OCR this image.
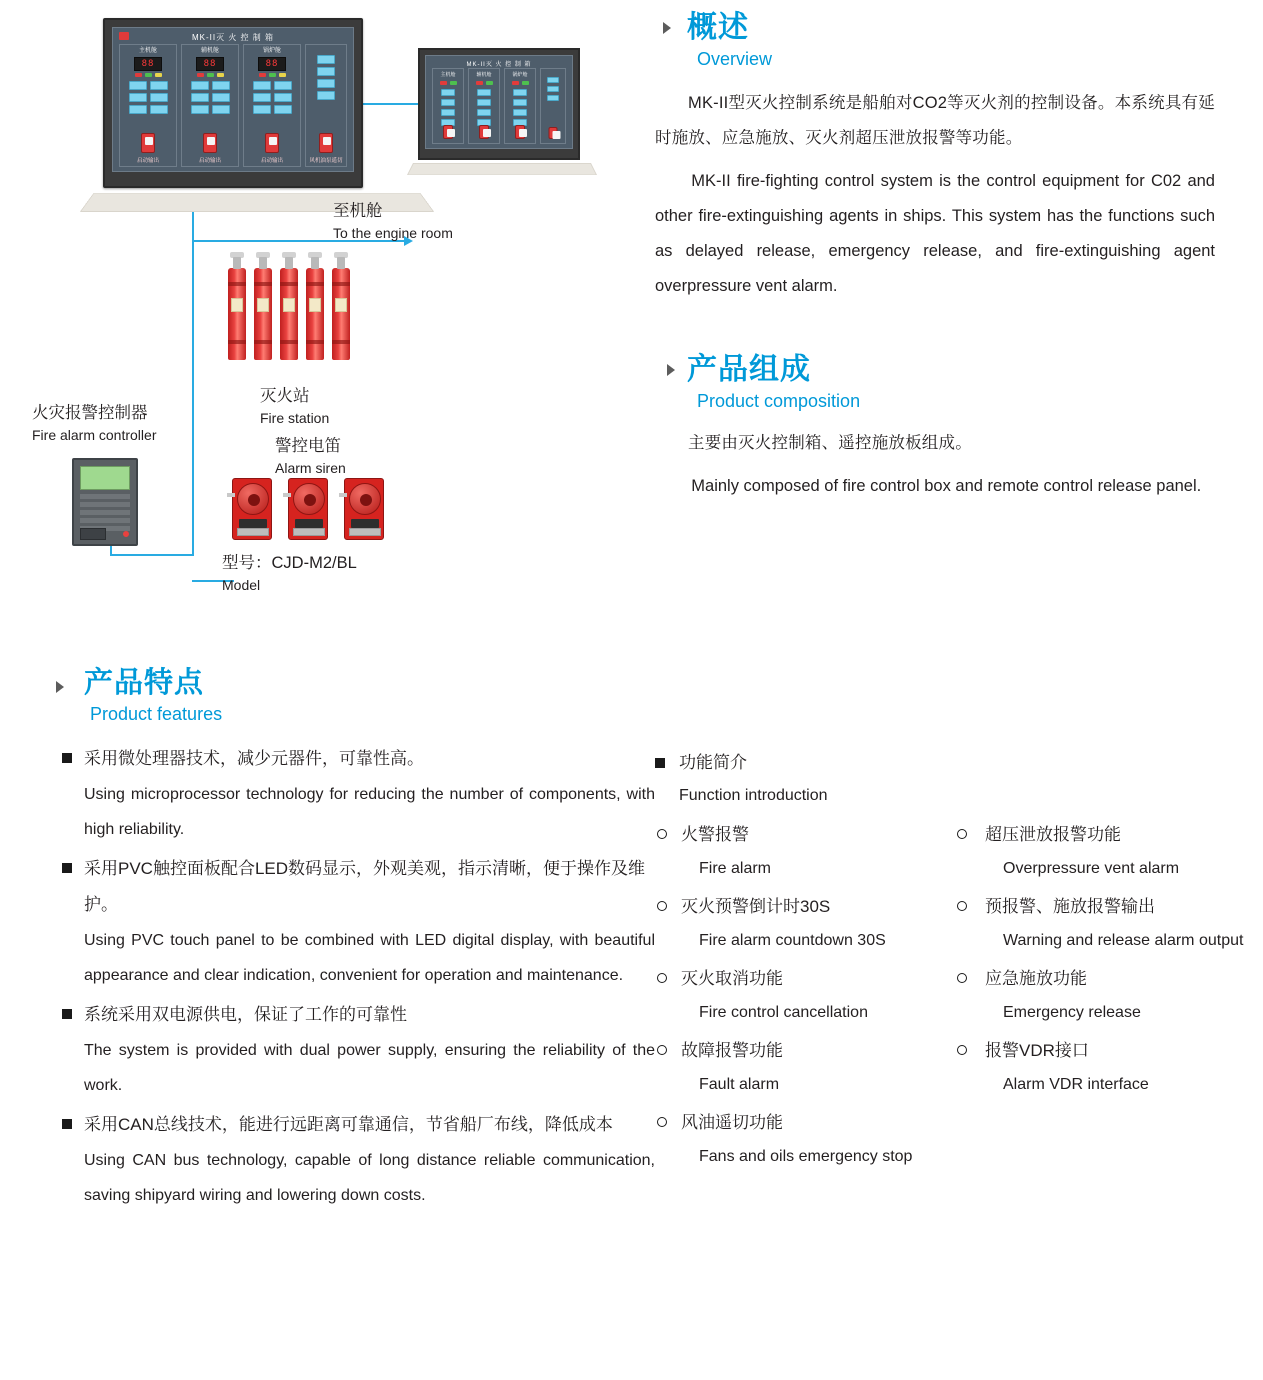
MK-II灭 火 控 制 箱
主机舱
88
启动输出
辅机舱
88
启动输出
锅炉舱
88
启动输出	风机油泵遥切
MK-II灭 火 控 制 箱
主机舱	辅机舱	锅炉舱
至机舱
To the engine room
灭火站
Fire station
警控电笛
Alarm siren
火灾报警控制器
Fire alarm controller
型号：CJD-M2/BL
Model
概述
Overview

MK-II型灭火控制系统是船舶对CO2等灭火剂的控制设备。本系统具有延时施放、应急施放、灭火剂超压泄放报警等功能。

MK-II fire-fighting control system is the control equipment for C02 and other fire-extinguishing agents in ships. This system has the functions such as delayed release, emergency release, and fire-extinguishing agent overpressure vent alarm.

产品组成
Product composition

主要由灭火控制箱、遥控施放板组成。

Mainly composed of fire control box and remote control release panel.

产品特点
Product features
采用微处理器技术，减少元器件，可靠性高。
Using microprocessor technology for reducing the number of components, with high reliability.
采用PVC触控面板配合LED数码显示，外观美观，指示清晰，便于操作及维护。
Using PVC touch panel to be combined with LED digital display, with beautiful appearance and clear indication, convenient for operation and maintenance.
系统采用双电源供电，保证了工作的可靠性
The system is provided with dual power supply, ensuring the reliability of the work.
采用CAN总线技术，能进行远距离可靠通信，节省船厂布线，降低成本
Using CAN bus technology, capable of long distance reliable communication, saving shipyard wiring and lowering down costs.
功能简介
Function introduction
火警报警
Fire alarm
灭火预警倒计时30S
Fire alarm countdown 30S
灭火取消功能
Fire control cancellation
故障报警功能
Fault alarm
风油遥切功能
Fans and oils emergency stop
超压泄放报警功能
Overpressure vent alarm
预报警、施放报警输出
Warning and release alarm output
应急施放功能
Emergency release
报警VDR接口
Alarm VDR interface
